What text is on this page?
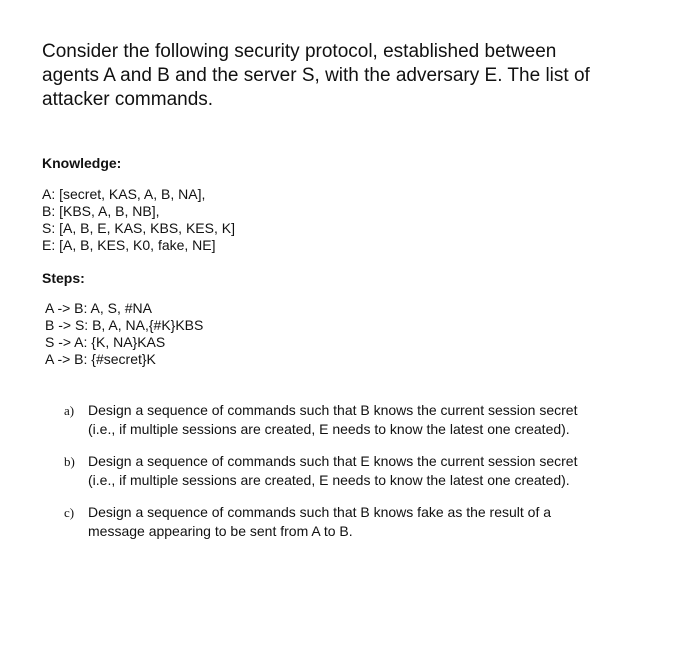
Consider the following security protocol, established between
agents A and B and the server S, with the adversary E. The list of
attacker commands.

Knowledge:
A: [secret, KAS, A, B, NA],
B: [KBS, A, B, NB],
S: [A, B, E, KAS, KBS, KES, K]
E: [A, B, KES, K0, fake, NE]
Steps:
A -> B: A, S, #NA
B -> S: B, A, NA,{#K}KBS
S -> A: {K, NA}KAS
A -> B: {#secret}K
a) Design a sequence of commands such that B knows the current session secret
(i.e., if multiple sessions are created, E needs to know the latest one created).
b) Design a sequence of commands such that E knows the current session secret
(i.e., if multiple sessions are created, E needs to know the latest one created).
c) Design a sequence of commands such that B knows fake as the result of a
message appearing to be sent from A to B.
